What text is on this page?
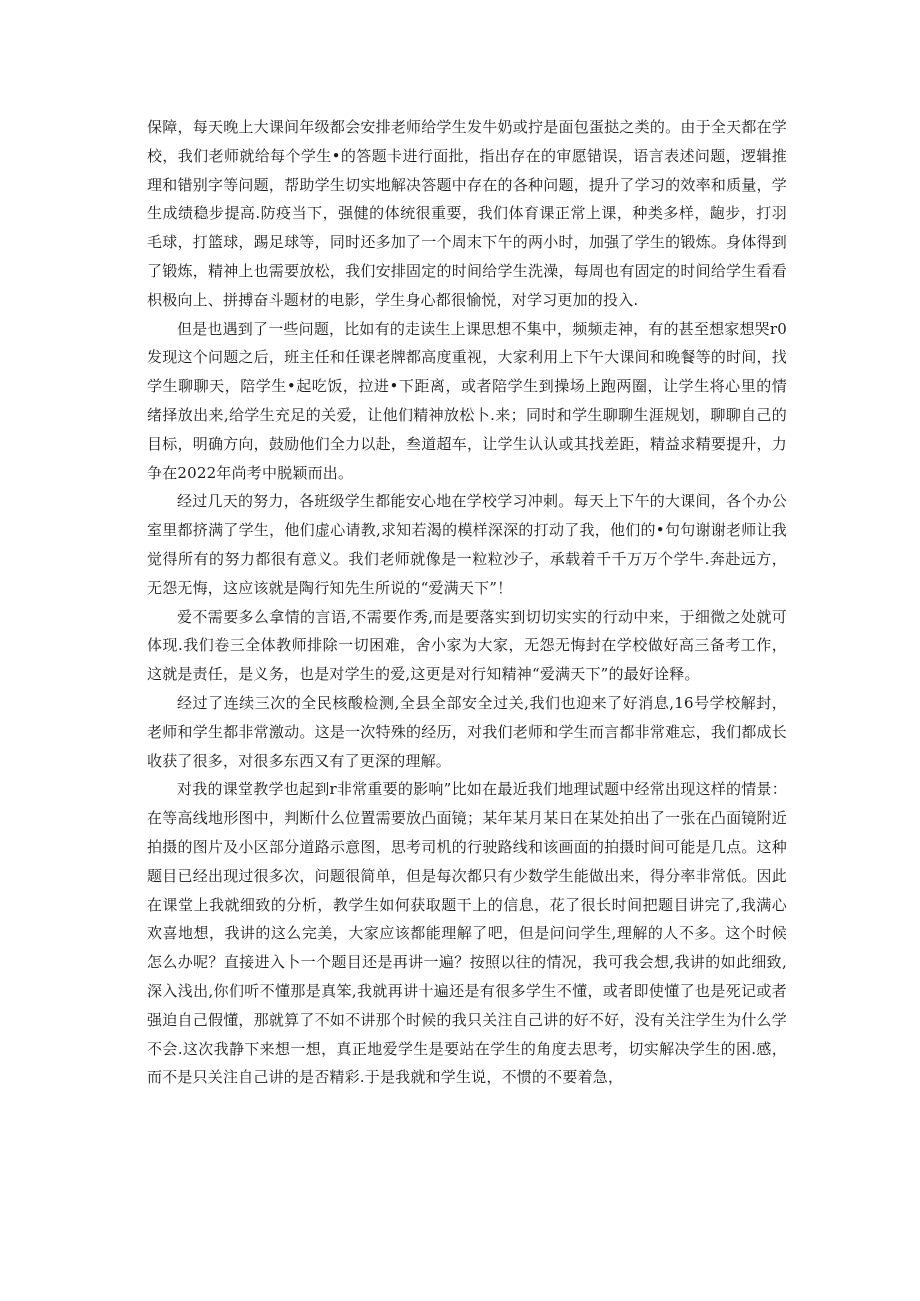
保障，每天晚上大课间年级都会安排老师给学生发牛奶或拧是面包蛋挞之类的。由于全天都在学校，我们老师就给每个学生•的答题卡进行面批，指出存在的审愿错误，语言表述问题，逻辑推理和错别字等问题，帮助学生切实地解决答题中存在的各种问题，提升了学习的效率和质量，学生成绩稳步提高.防疫当下，强健的体统很重要，我们体育课正常上课，种类多样，龅步，打羽毛球，打篮球，踢足球等，同时还多加了一个周末下午的两小时，加强了学生的锻炼。身体得到了锻炼，精神上也需要放松，我们安排固定的时间给学生洗澡，每周也有固定的时间给学生看看枳极向上、拼搏奋斗题材的电影，学生身心都很愉悦，对学习更加的投入.

但是也遇到了一些问题，比如有的走读生上课思想不集中，频频走神，有的甚至想家想哭r0发现这个问题之后，班主任和任课老牌都高度重视，大家利用上下午大课间和晚餐等的时间，找学生聊聊天，陪学生•起吃饭，拉进•下距离，或者陪学生到操场上跑两圈，让学生将心里的情绪择放出来,给学生充足的关爱，让他们精神放松卜.来；同时和学生聊聊生涯规划，聊聊自己的目标，明确方向，鼓励他们全力以赴，叁道超车，让学生认认或其找差距，精益求精要提升，力争在2022年尚考中脱颖而出。

经过几天的努力，各班级学生都能安心地在学校学习冲刺。每天上下午的大课间，各个办公室里都挤满了学生，他们虚心请教,求知若渴的模样深深的打动了我，他们的•句句谢谢老师让我觉得所有的努力都很有意义。我们老师就像是一粒粒沙子，承载着千千万万个学牛.奔赴远方，无怨无悔，这应该就是陶行知先生所说的“爱满天下”！

爱不需要多么拿情的言语,不需要作秀,而是要落实到切切实实的行动中来，于细微之处就可体现.我们卷三全体教师排除一切困难，舍小家为大家，无怨无悔封在学校做好高三备考工作，这就是责任，是义务，也是对学生的爱,这更是对行知精神“爱满天下”的最好诠释。

经过了连续三次的全民核酸检测,全县全部安全过关,我们也迎来了好消息,16号学校解封，老师和学生都非常激动。这是一次特殊的经历，对我们老师和学生而言都非常难忘，我们都成长收获了很多，对很多东西又有了更深的理解。

对我的课堂教学也起到r非常重要的影响”比如在最近我们地理试题中经常出现这样的情景：在等高线地形图中，判断什么位置需要放凸面镜；某年某月某日在某处拍出了一张在凸面镜附近拍摄的图片及小区部分道路示意图，思考司机的行驶路线和该画面的拍摄时间可能是几点。这种题目已经出现过很多次，问题很简单，但是每次都只有少数学生能做出来，得分率非常低。因此在课堂上我就细致的分析，教学生如何获取题干上的信息，花了很长时间把题目讲完了,我满心欢喜地想，我讲的这么完美，大家应该都能理解了吧，但是问问学生,理解的人不多。这个时候怎么办呢？直接进入卜一个题目还是再讲一遍？按照以往的情况，我可我会想,我讲的如此细致,深入浅出,你们听不懂那是真笨,我就再讲十遍还是有很多学生不懂，或者即使懂了也是死记或者强迫自己假懂，那就算了不如不讲那个时候的我只关注自己讲的好不好，没有关注学生为什么学不会.这次我静下来想一想，真正地爱学生是要站在学生的角度去思考，切实解决学生的困.感，而不是只关注自己讲的是否精彩.于是我就和学生说，不惯的不要着急，
